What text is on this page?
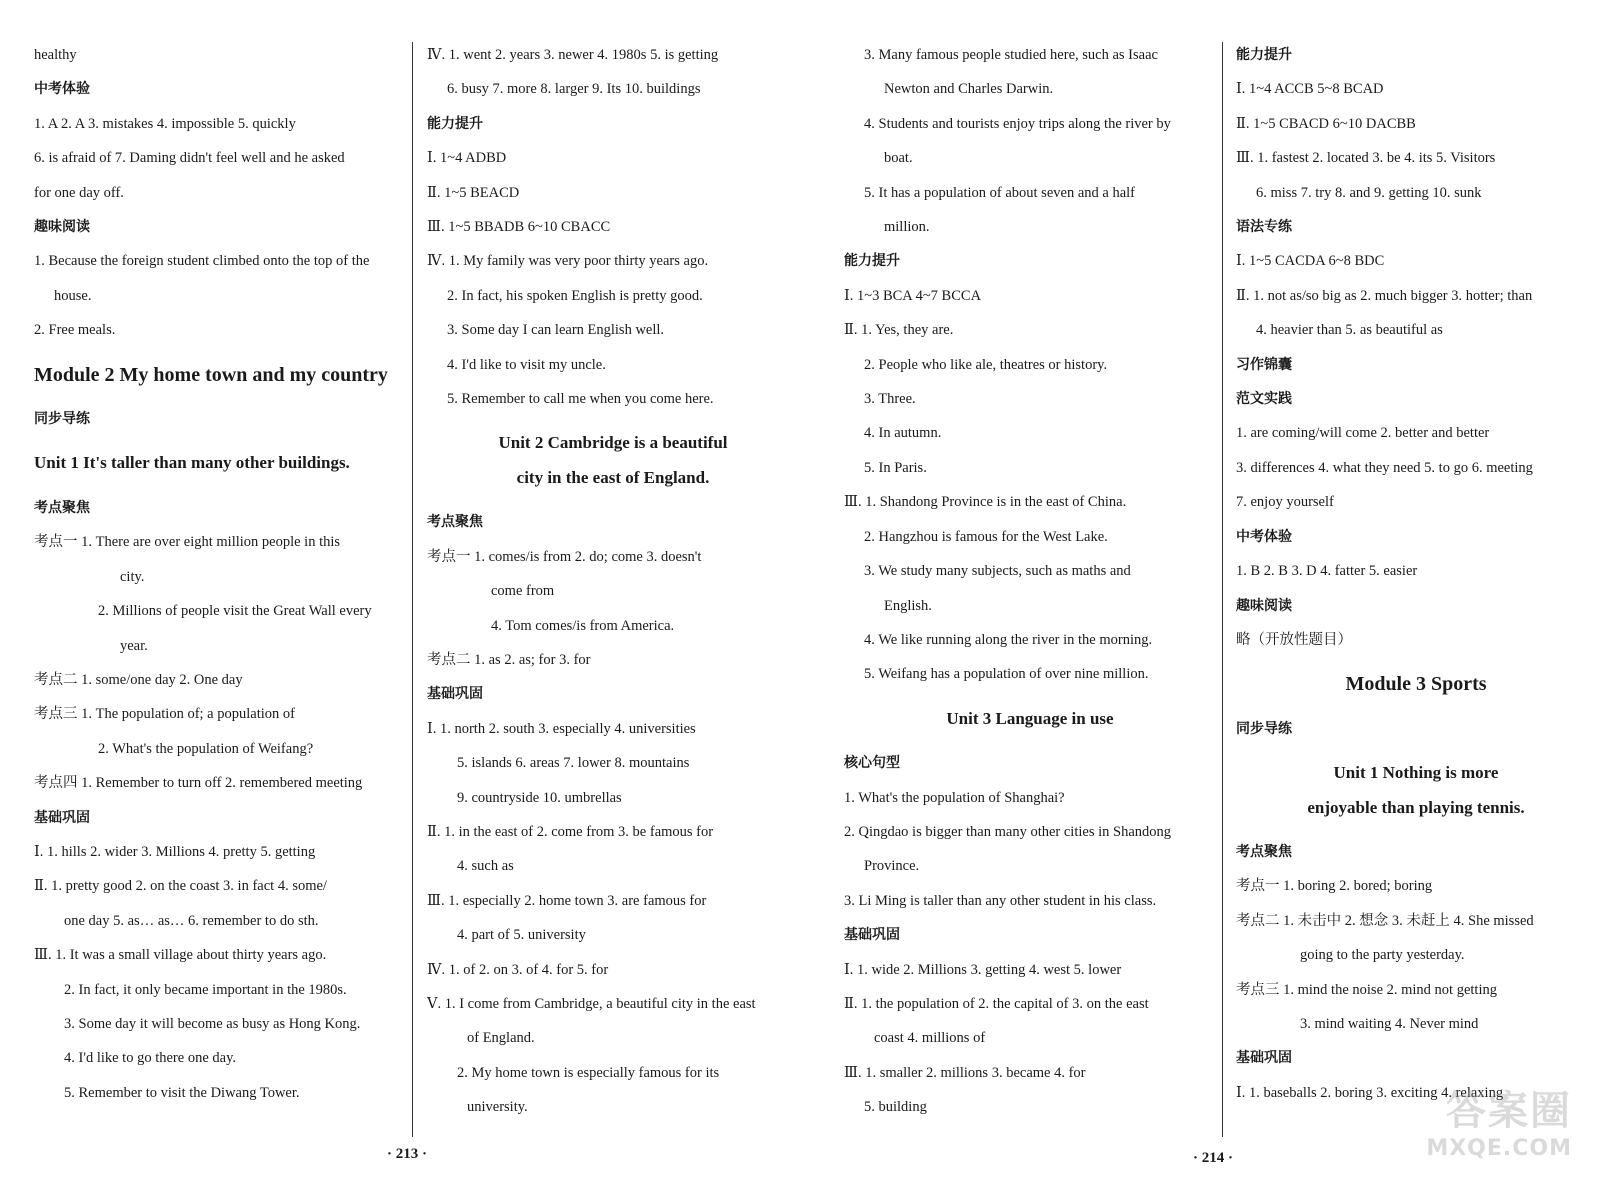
healthy
中考体验
1. A 2. A 3. mistakes 4. impossible 5. quickly
6. is afraid of 7. Daming didn't feel well and he asked
for one day off.
趣味阅读
1. Because the foreign student climbed onto the top of the
house.
2. Free meals.
Module 2 My home town and my country
同步导练
Unit 1 It's taller than many other buildings.
考点聚焦
考点一 1. There are over eight million people in this
city.
2. Millions of people visit the Great Wall every
year.
考点二 1. some/one day 2. One day
考点三 1. The population of; a population of
2. What's the population of Weifang?
考点四 1. Remember to turn off 2. remembered meeting
基础巩固
Ⅰ. 1. hills 2. wider 3. Millions 4. pretty 5. getting
Ⅱ. 1. pretty good 2. on the coast 3. in fact 4. some/
one day 5. as… as… 6. remember to do sth.
Ⅲ. 1. It was a small village about thirty years ago.
2. In fact, it only became important in the 1980s.
3. Some day it will become as busy as Hong Kong.
4. I'd like to go there one day.
5. Remember to visit the Diwang Tower.
Ⅳ. 1. went 2. years 3. newer 4. 1980s 5. is getting
6. busy 7. more 8. larger 9. Its 10. buildings
能力提升
Ⅰ. 1~4 ADBD
Ⅱ. 1~5 BEACD
Ⅲ. 1~5 BBADB 6~10 CBACC
Ⅳ. 1. My family was very poor thirty years ago.
2. In fact, his spoken English is pretty good.
3. Some day I can learn English well.
4. I'd like to visit my uncle.
5. Remember to call me when you come here.
Unit 2 Cambridge is a beautiful
city in the east of England.
考点聚焦
考点一 1. comes/is from 2. do; come 3. doesn't
come from
4. Tom comes/is from America.
考点二 1. as 2. as; for 3. for
基础巩固
Ⅰ. 1. north 2. south 3. especially 4. universities
5. islands 6. areas 7. lower 8. mountains
9. countryside 10. umbrellas
Ⅱ. 1. in the east of 2. come from 3. be famous for
4. such as
Ⅲ. 1. especially 2. home town 3. are famous for
4. part of 5. university
Ⅳ. 1. of 2. on 3. of 4. for 5. for
Ⅴ. 1. I come from Cambridge, a beautiful city in the east
of England.
2. My home town is especially famous for its
university.
3. Many famous people studied here, such as Isaac
Newton and Charles Darwin.
4. Students and tourists enjoy trips along the river by
boat.
5. It has a population of about seven and a half
million.
能力提升
Ⅰ. 1~3 BCA 4~7 BCCA
Ⅱ. 1. Yes, they are.
2. People who like ale, theatres or history.
3. Three.
4. In autumn.
5. In Paris.
Ⅲ. 1. Shandong Province is in the east of China.
2. Hangzhou is famous for the West Lake.
3. We study many subjects, such as maths and
English.
4. We like running along the river in the morning.
5. Weifang has a population of over nine million.
Unit 3 Language in use
核心句型
1. What's the population of Shanghai?
2. Qingdao is bigger than many other cities in Shandong
Province.
3. Li Ming is taller than any other student in his class.
基础巩固
Ⅰ. 1. wide 2. Millions 3. getting 4. west 5. lower
Ⅱ. 1. the population of 2. the capital of 3. on the east
coast 4. millions of
Ⅲ. 1. smaller 2. millions 3. became 4. for
5. building
能力提升
Ⅰ. 1~4 ACCB 5~8 BCAD
Ⅱ. 1~5 CBACD 6~10 DACBB
Ⅲ. 1. fastest 2. located 3. be 4. its 5. Visitors
6. miss 7. try 8. and 9. getting 10. sunk
语法专练
Ⅰ. 1~5 CACDA 6~8 BDC
Ⅱ. 1. not as/so big as 2. much bigger 3. hotter; than
4. heavier than 5. as beautiful as
习作锦囊
范文实践
1. are coming/will come 2. better and better
3. differences 4. what they need 5. to go 6. meeting
7. enjoy yourself
中考体验
1. B 2. B 3. D 4. fatter 5. easier
趣味阅读
略（开放性题目）
Module 3 Sports
同步导练
Unit 1 Nothing is more
enjoyable than playing tennis.
考点聚焦
考点一 1. boring 2. bored; boring
考点二 1. 未击中 2. 想念 3. 未赶上 4. She missed
going to the party yesterday.
考点三 1. mind the noise 2. mind not getting
3. mind waiting 4. Never mind
基础巩固
Ⅰ. 1. baseballs 2. boring 3. exciting 4. relaxing
· 213 ·	· 214 ·
答案圈
MXQE.COM
